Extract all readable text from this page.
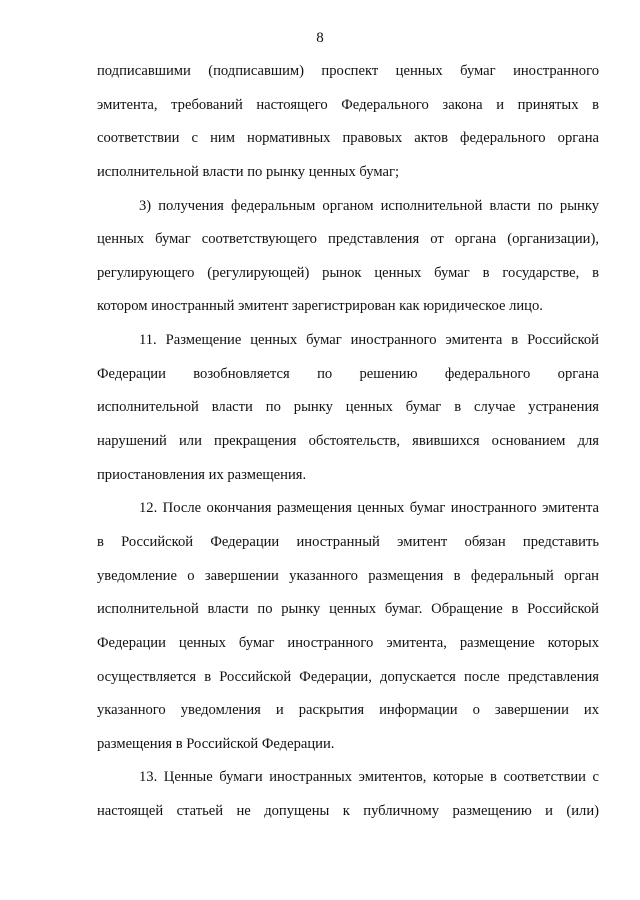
8
подписавшими (подписавшим) проспект ценных бумаг иностранного
эмитента, требований настоящего Федерального закона и принятых в
соответствии с ним нормативных правовых актов федерального органа
исполнительной власти по рынку ценных бумаг;
3) получения федеральным органом исполнительной власти по рынку
ценных бумаг соответствующего представления от органа (организации),
регулирующего (регулирующей) рынок ценных бумаг в государстве, в
котором иностранный эмитент зарегистрирован как юридическое лицо.
11. Размещение ценных бумаг иностранного эмитента в Российской
Федерации возобновляется по решению федерального органа
исполнительной власти по рынку ценных бумаг в случае устранения
нарушений или прекращения обстоятельств, явившихся основанием для
приостановления их размещения.
12. После окончания размещения ценных бумаг иностранного эмитента
в Российской Федерации иностранный эмитент обязан представить
уведомление о завершении указанного размещения в федеральный орган
исполнительной власти по рынку ценных бумаг. Обращение в Российской
Федерации ценных бумаг иностранного эмитента, размещение которых
осуществляется в Российской Федерации, допускается после представления
указанного уведомления и раскрытия информации о завершении их
размещения в Российской Федерации.
13. Ценные бумаги иностранных эмитентов, которые в соответствии с
настоящей статьей не допущены к публичному размещению и (или)
